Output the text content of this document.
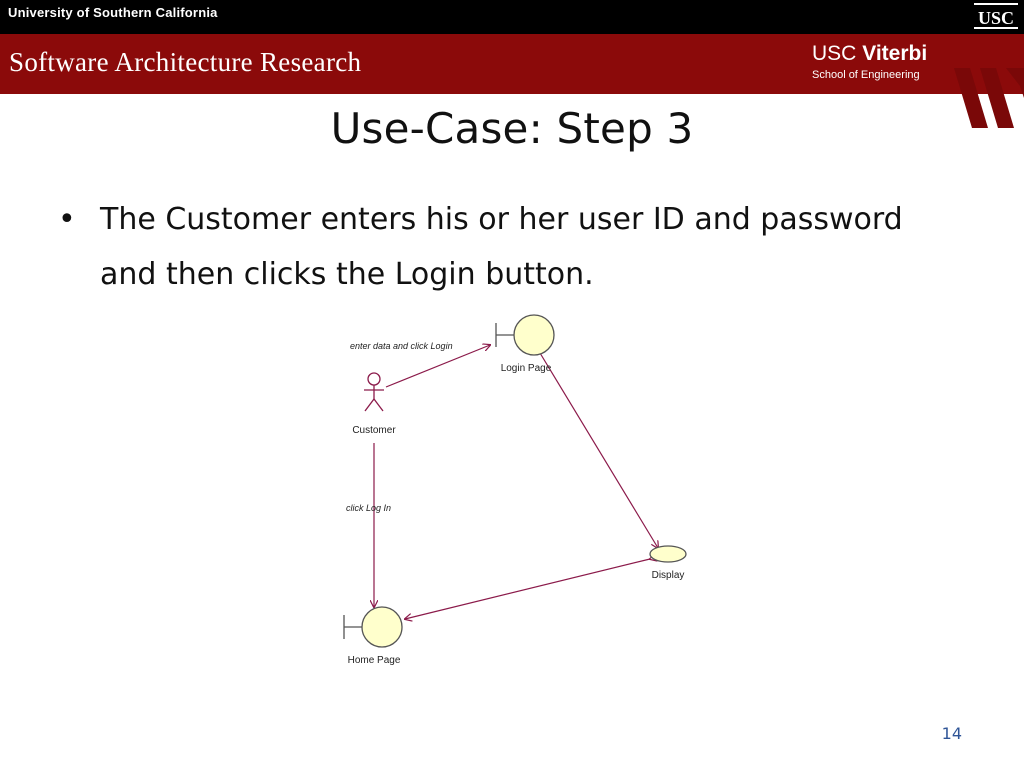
University of Southern California	USC
Software Architecture Research	USC Viterbi
School of Engineering
Use-Case: Step 3
• The Customer enters his or her user ID and password and then clicks the Login button.
Customer
Login Page
Home Page
Display
enter data and click Login
click Log In
14
